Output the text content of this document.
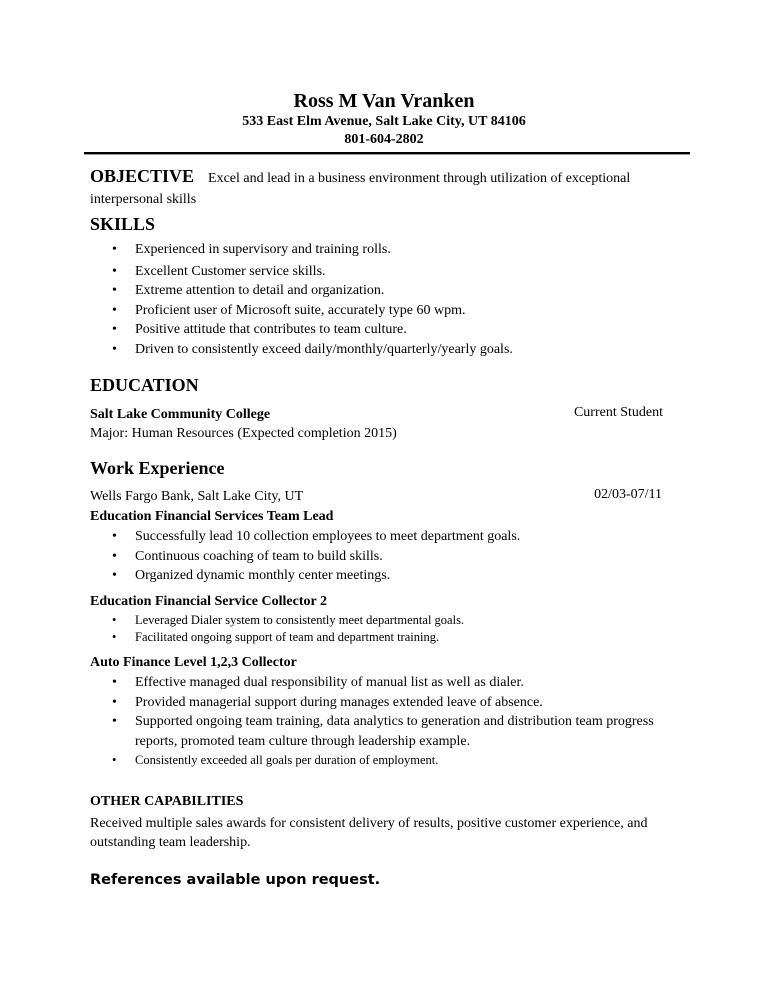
Ross M Van Vranken
533 East Elm Avenue, Salt Lake City, UT 84106
801-604-2802
OBJECTIVE Excel and lead in a business environment through utilization of exceptional interpersonal skills
SKILLS
• Experienced in supervisory and training rolls.
• Excellent Customer service skills.
• Extreme attention to detail and organization.
• Proficient user of Microsoft suite, accurately type 60 wpm.
• Positive attitude that contributes to team culture.
• Driven to consistently exceed daily/monthly/quarterly/yearly goals.
EDUCATION
Salt Lake Community College	Current Student
Major: Human Resources (Expected completion 2015)
Work Experience
Wells Fargo Bank, Salt Lake City, UT	02/03-07/11
Education Financial Services Team Lead
• Successfully lead 10 collection employees to meet department goals.
• Continuous coaching of team to build skills.
• Organized dynamic monthly center meetings.
Education Financial Service Collector 2
• Leveraged Dialer system to consistently meet departmental goals.
• Facilitated ongoing support of team and department training.
Auto Finance Level 1,2,3 Collector
• Effective managed dual responsibility of manual list as well as dialer.
• Provided managerial support during manages extended leave of absence.
• Supported ongoing team training, data analytics to generation and distribution team progress reports, promoted team culture through leadership example.
• Consistently exceeded all goals per duration of employment.
OTHER CAPABILITIES
Received multiple sales awards for consistent delivery of results, positive customer experience, and outstanding team leadership.
References available upon request.
